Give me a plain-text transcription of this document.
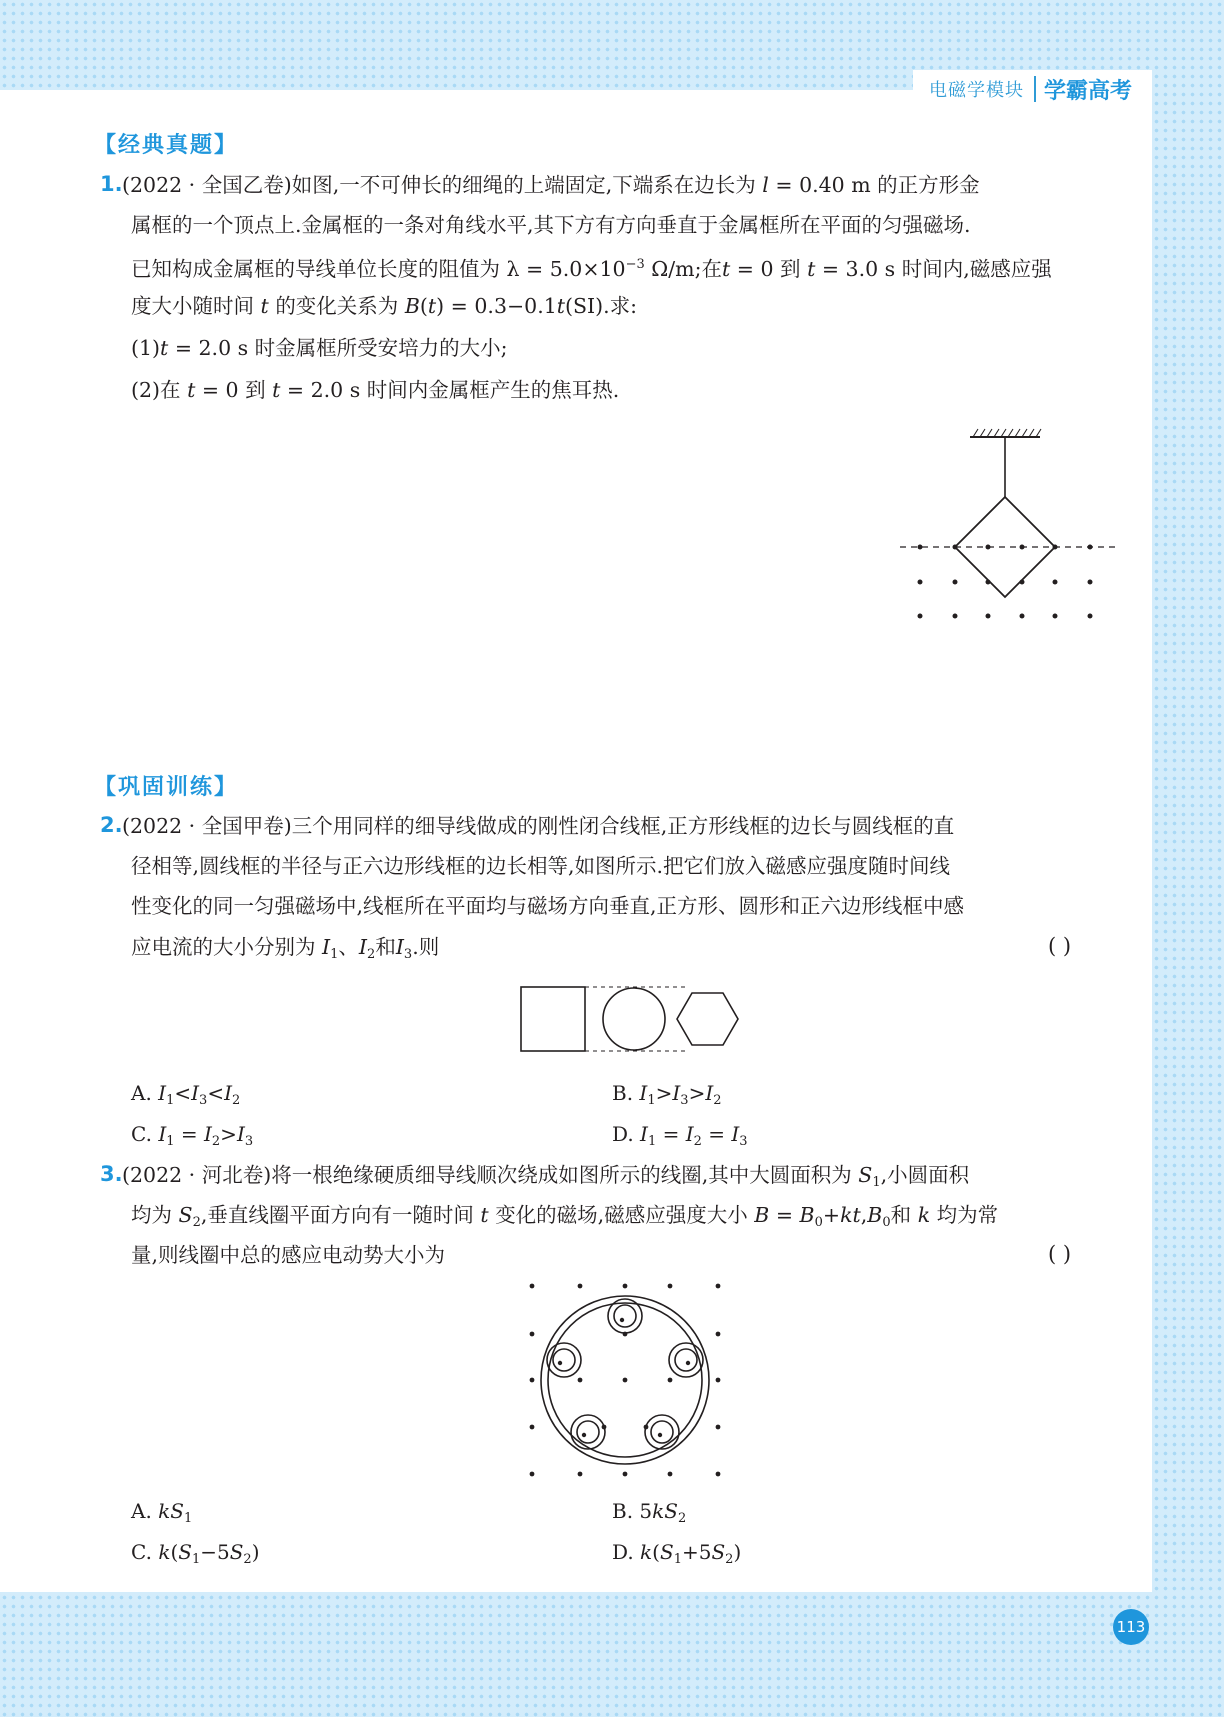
电磁学模块 学霸高考
【经典真题】
1. (2022 · 全国乙卷)如图,一不可伸长的细绳的上端固定,下端系在边长为 l = 0.40 m 的正方形金
属框的一个顶点上.金属框的一条对角线水平,其下方有方向垂直于金属框所在平面的匀强磁场.
已知构成金属框的导线单位长度的阻值为 $\lambda = 5.0\times 10^{-3}$ Ω/m;在t = 0 到 t = 3.0 s 时间内,磁感应强
度大小随时间 t 的变化关系为 B(t) = 0.3−0.1t(SI).求:
(1)t = 2.0 s 时金属框所受安培力的大小;
(2)在 t = 0 到 t = 2.0 s 时间内金属框产生的焦耳热.
【巩固训练】
2. (2022 · 全国甲卷)三个用同样的细导线做成的刚性闭合线框,正方形线框的边长与圆线框的直
径相等,圆线框的半径与正六边形线框的边长相等,如图所示.把它们放入磁感应强度随时间线
性变化的同一匀强磁场中,线框所在平面均与磁场方向垂直,正方形、圆形和正六边形线框中感
应电流的大小分别为 $I_1$、$I_2$和$I_3$.则	( )
A. $I_1<I_3<I_2$	B. $I_1>I_3>I_2$
C. $I_1 = I_2>I_3$	D. $I_1 = I_2 = I_3$
3. (2022 · 河北卷)将一根绝缘硬质细导线顺次绕成如图所示的线圈,其中大圆面积为 $S_1$,小圆面积
均为 $S_2$,垂直线圈平面方向有一随时间 t 变化的磁场,磁感应强度大小 $B = B_0+kt,B_0$和 k 均为常
量,则线圈中总的感应电动势大小为	( )
A. $kS_1$	B. $5kS_2$
C. $k(S_1-5S_2)$	D. $k(S_1+5S_2)$
113
